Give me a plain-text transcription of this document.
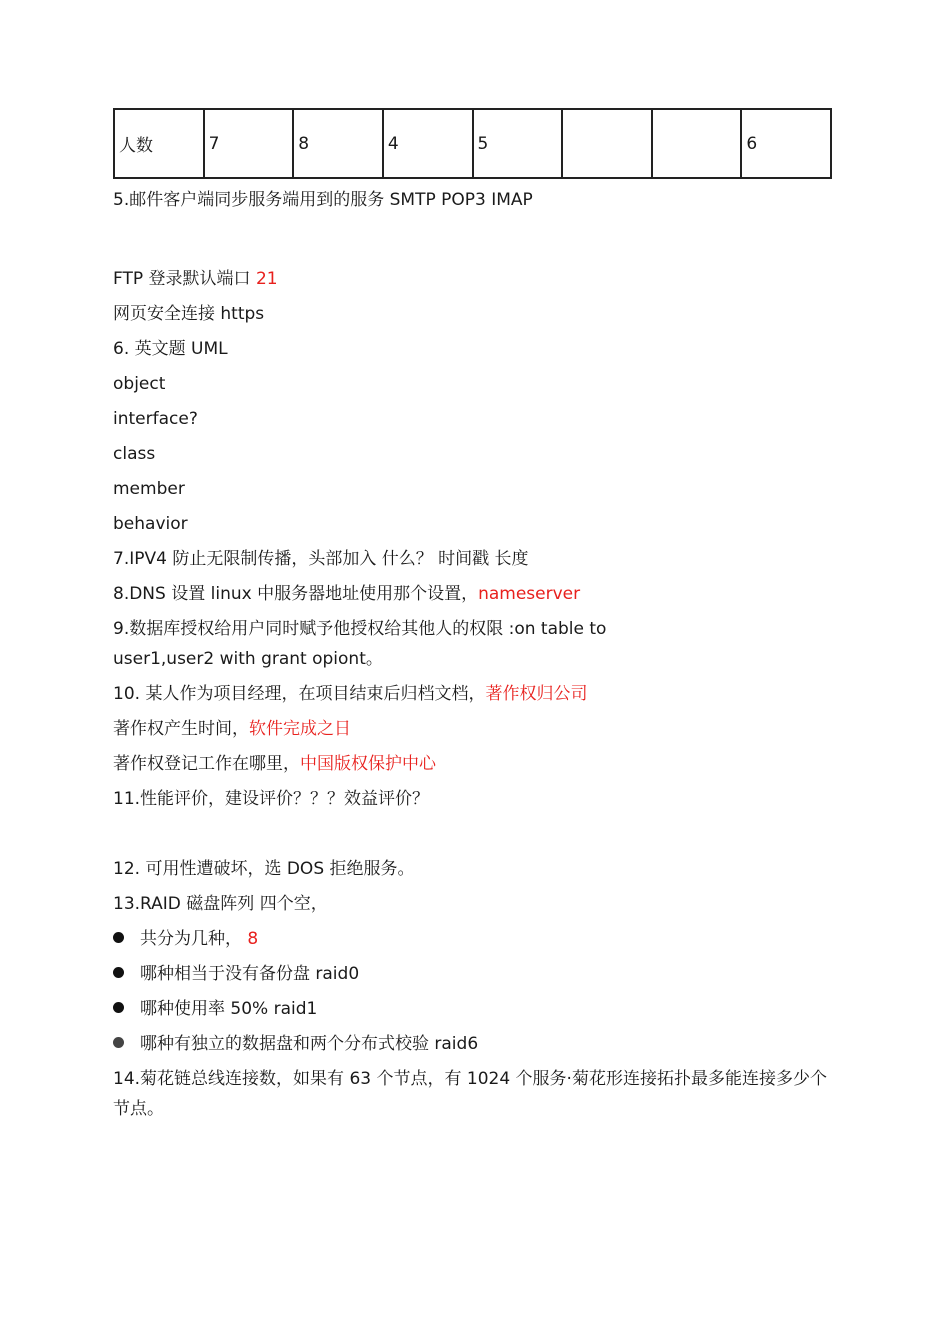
人数	7	8	4	5			6
5.邮件客户端同步服务端用到的服务 SMTP POP3 IMAP
FTP 登录默认端口 21
网页安全连接 https
6. 英文题 UML
object
interface?
class
member
behavior
7.IPV4 防止无限制传播，头部加入 什么？ 时间戳 长度
8.DNS 设置 linux 中服务器地址使用那个设置，nameserver
9.数据库授权给用户同时赋予他授权给其他人的权限 :on table to
user1,user2 with grant opiont。
10. 某人作为项目经理，在项目结束后归档文档，著作权归公司
著作权产生时间，软件完成之日
著作权登记工作在哪里，中国版权保护中心
11.性能评价，建设评价？？？效益评价？
12. 可用性遭破坏，选 DOS 拒绝服务。
13.RAID 磁盘阵列 四个空，
共分为几种， 8
哪种相当于没有备份盘 raid0
哪种使用率 50% raid1
哪种有独立的数据盘和两个分布式校验 raid6
14.菊花链总线连接数，如果有 63 个节点，有 1024 个服务·菊花形连接拓扑最多能连接多少个
节点。
